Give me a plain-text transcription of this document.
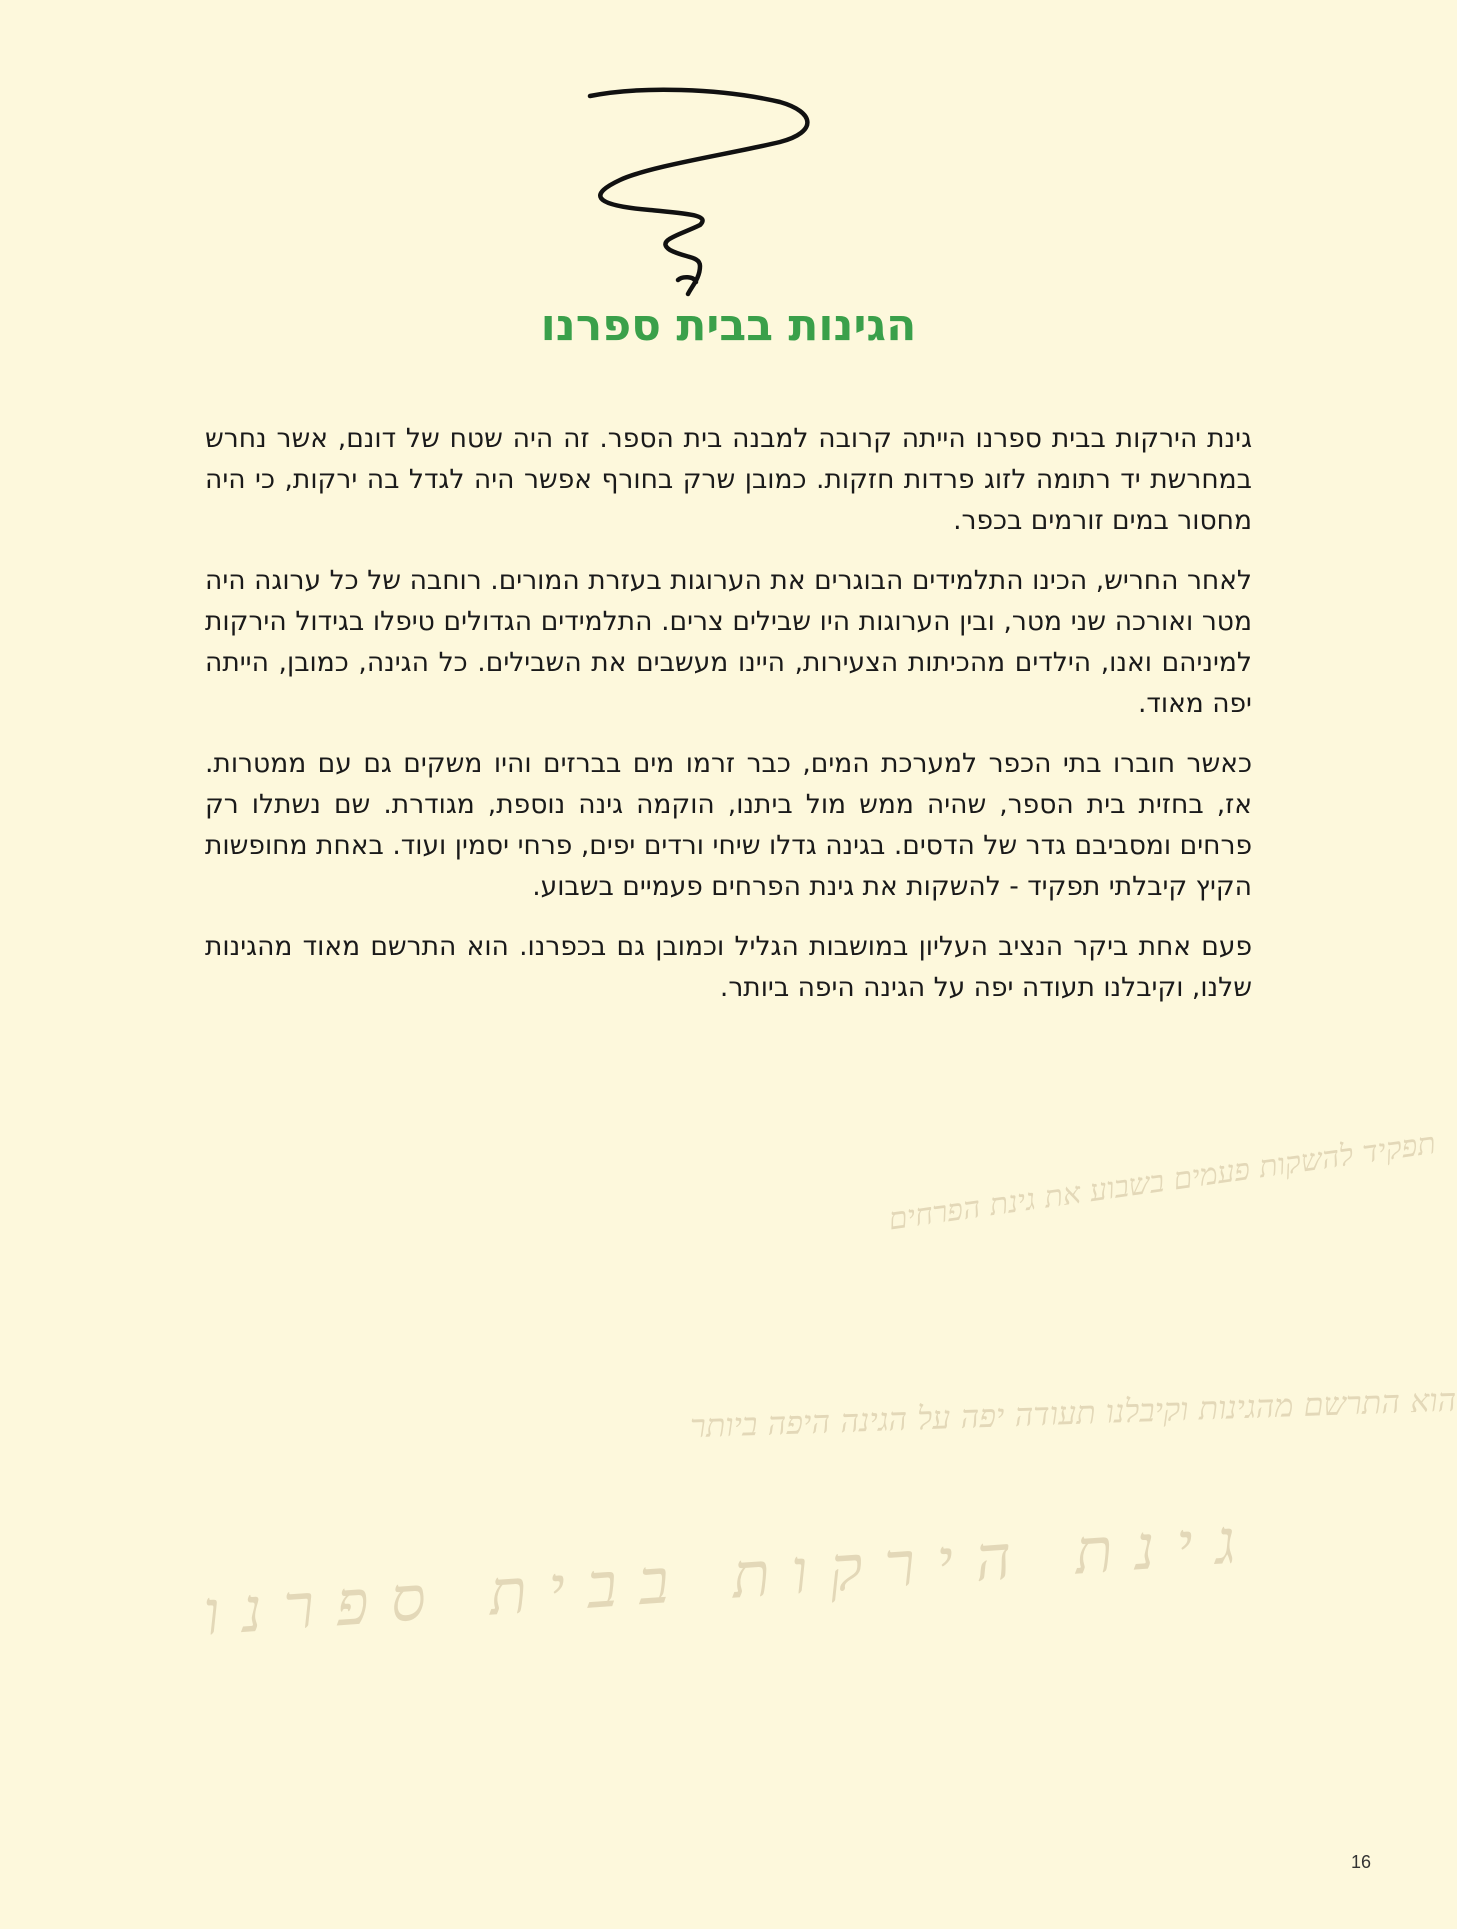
הגינות בבית ספרנו

גינת הירקות בבית ספרנו הייתה קרובה למבנה בית הספר. זה היה שטח של דונם, אשר נחרש במחרשת יד רתומה לזוג פרדות חזקות. כמובן שרק בחורף אפשר היה לגדל בה ירקות, כי היה מחסור במים זורמים בכפר.

לאחר החריש, הכינו התלמידים הבוגרים את הערוגות בעזרת המורים. רוחבה של כל ערוגה היה מטר ואורכה שני מטר, ובין הערוגות היו שבילים צרים. התלמידים הגדולים טיפלו בגידול הירקות למיניהם ואנו, הילדים מהכיתות הצעירות, היינו מעשבים את השבילים. כל הגינה, כמובן, הייתה יפה מאוד.

כאשר חוברו בתי הכפר למערכת המים, כבר זרמו מים בברזים והיו משקים גם עם ממטרות. אז, בחזית בית הספר, שהיה ממש מול ביתנו, הוקמה גינה נוספת, מגודרת. שם נשתלו רק פרחים ומסביבם גדר של הדסים. בגינה גדלו שיחי ורדים יפים, פרחי יסמין ועוד. באחת מחופשות הקיץ קיבלתי תפקיד - להשקות את גינת הפרחים פעמיים בשבוע.

פעם אחת ביקר הנציב העליון במושבות הגליל וכמובן גם בכפרנו. הוא התרשם מאוד מהגינות שלנו, וקיבלנו תעודה יפה על הגינה היפה ביותר.

תפקיד להשקות פעמים בשבוע את גינת הפרחים
הוא התרשם מהגינות וקיבלנו תעודה יפה על הגינה היפה ביותר
גינת הירקות בבית ספרנו
16
